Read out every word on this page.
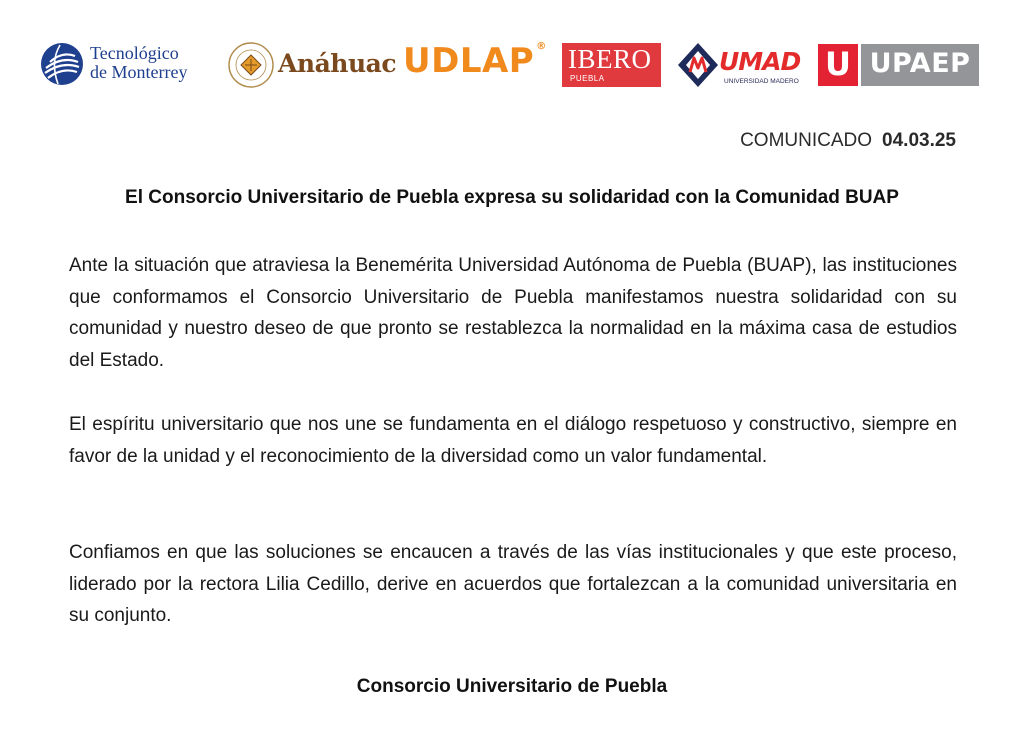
Tecnológico
de Monterrey	Anáhuac UDLAP ® IBERO
PUEBLA
UMAD
UNIVERSIDAD MADERO U UPAEP
COMUNICADO 04.03.25
El Consorcio Universitario de Puebla expresa su solidaridad con la Comunidad BUAP

Ante la situación que atraviesa la Benemérita Universidad Autónoma de Puebla (BUAP), las instituciones que conformamos el Consorcio Universitario de Puebla manifestamos nuestra solidaridad con su comunidad y nuestro deseo de que pronto se restablezca la normalidad en la máxima casa de estudios del Estado.

El espíritu universitario que nos une se fundamenta en el diálogo respetuoso y constructivo, siempre en favor de la unidad y el reconocimiento de la diversidad como un valor fundamental.

Confiamos en que las soluciones se encaucen a través de las vías institucionales y que este proceso, liderado por la rectora Lilia Cedillo, derive en acuerdos que fortalezcan a la comunidad universitaria en su conjunto.

Consorcio Universitario de Puebla
